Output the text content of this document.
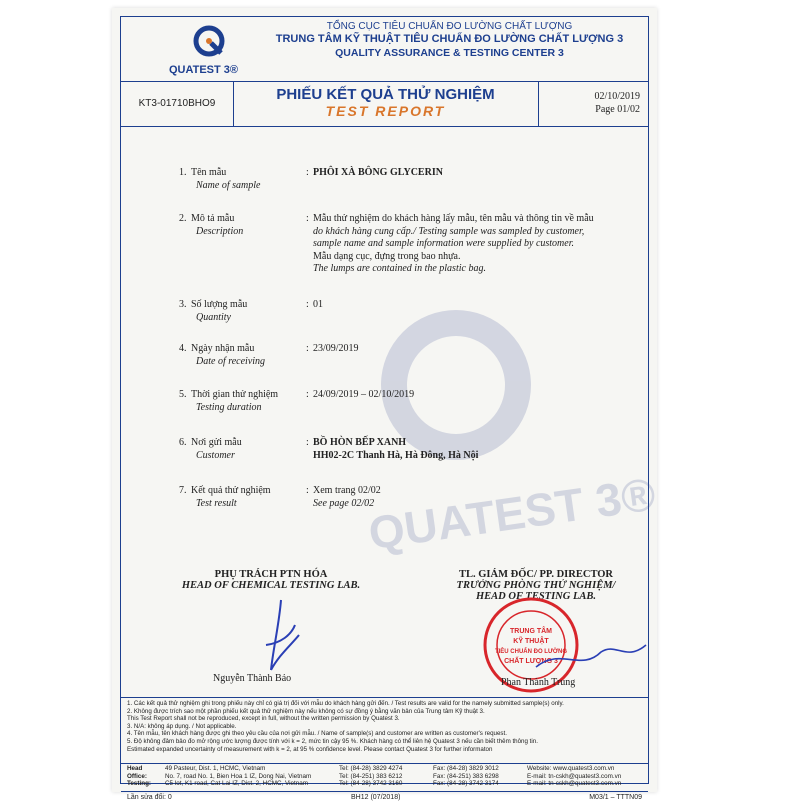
QUATEST 3®
TỔNG CỤC TIÊU CHUẨN ĐO LƯỜNG CHẤT LƯỢNG
TRUNG TÂM KỸ THUẬT TIÊU CHUẨN ĐO LƯỜNG CHẤT LƯỢNG 3
QUALITY ASSURANCE & TESTING CENTER 3
KT3-01710BHO9
PHIẾU KẾT QUẢ THỬ NGHIỆM
TEST REPORT
02/10/2019
Page 01/02
QUATEST 3®
1. Tên mẫu
Name of sample
: PHÔI XÀ BÔNG GLYCERIN
2. Mô tả mẫu
Description
: Mẫu thử nghiệm do khách hàng lấy mẫu, tên mẫu và thông tin về mẫu
do khách hàng cung cấp./ Testing sample was sampled by customer,
sample name and sample information were supplied by customer.
Mẫu dạng cục, đựng trong bao nhựa.
The lumps are contained in the plastic bag.
3. Số lượng mẫu
Quantity
: 01
4. Ngày nhận mẫu
Date of receiving
: 23/09/2019
5. Thời gian thử nghiệm
Testing duration
: 24/09/2019 – 02/10/2019
6. Nơi gửi mẫu
Customer
: BỒ HÒN BẾP XANH
HH02-2C Thanh Hà, Hà Đông, Hà Nội
7. Kết quả thử nghiệm
Test result
: Xem trang 02/02
See page 02/02
PHỤ TRÁCH PTN HÓA
HEAD OF CHEMICAL TESTING LAB.
Nguyễn Thành Bảo
TL. GIÁM ĐỐC/ PP. DIRECTOR
TRƯỞNG PHÒNG THỬ NGHIỆM/
HEAD OF TESTING LAB.
TRUNG TÂM
KỸ THUẬT
TIÊU CHUẨN ĐO LƯỜNG
CHẤT LƯỢNG 3
Phan Thành Trung
1. Các kết quả thử nghiệm ghi trong phiếu này chỉ có giá trị đối với mẫu do khách hàng gửi đến. / Test results are valid for the namely submitted sample(s) only.
2. Không được trích sao một phần phiếu kết quả thử nghiệm này nếu không có sự đồng ý bằng văn bản của Trung tâm Kỹ thuật 3.
This Test Report shall not be reproduced, except in full, without the written permission by Quatest 3.
3. N/A: không áp dụng. / Not applicable.
4. Tên mẫu, tên khách hàng được ghi theo yêu cầu của nơi gửi mẫu. / Name of sample(s) and customer are written as customer's request.
5. Độ không đảm bảo đo mở rộng ước lượng được tính với k = 2, mức tin cậy 95 %. Khách hàng có thể liên hệ Quatest 3 nếu cần biết thêm thông tin.
Estimated expanded uncertainty of measurement with k = 2, at 95 % confidence level. Please contact Quatest 3 for further informaton
Head Office:
Testing:
49 Pasteur, Dist. 1, HCMC, Vietnam
No. 7, road No. 1, Bien Hoa 1 IZ, Dong Nai, Vietnam
C5 lot, K1 road, Cat Lai IZ, Dist. 2, HCMC, Vietnam
Tel: (84-28) 3829 4274
Tel: (84-251) 383 6212
Tel: (84-28) 3742 3160
Fax: (84-28) 3829 3012
Fax: (84-251) 383 6298
Fax: (84-28) 3742 3174
Website: www.quatest3.com.vn
E-mail: tn-cskh@quatest3.com.vn
E-mail: tn-cskh@quatest3.com.vn
Lần sửa đổi: 0	BH12 (07/2018)	M03/1 – TTTN09
